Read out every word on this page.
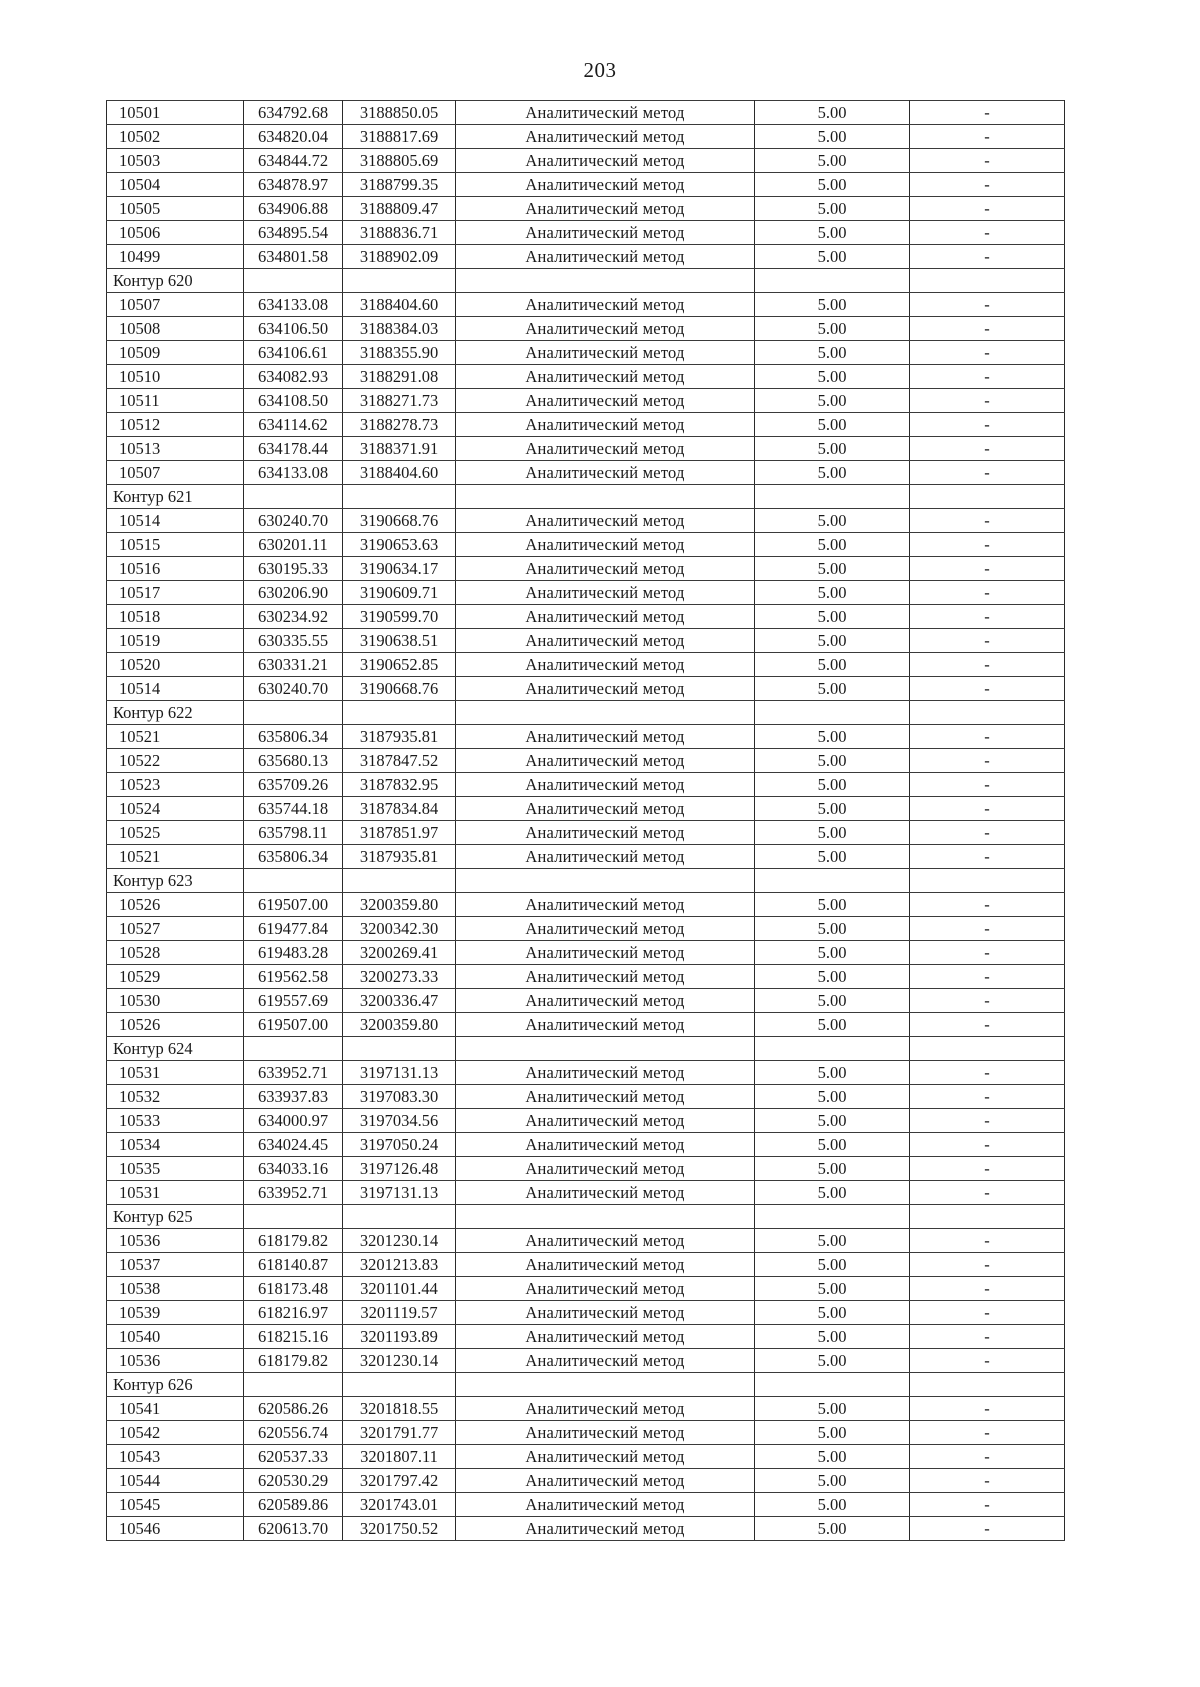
203
10501	634792.68	3188850.05	Аналитический метод	5.00	-
10502	634820.04	3188817.69	Аналитический метод	5.00	-
10503	634844.72	3188805.69	Аналитический метод	5.00	-
10504	634878.97	3188799.35	Аналитический метод	5.00	-
10505	634906.88	3188809.47	Аналитический метод	5.00	-
10506	634895.54	3188836.71	Аналитический метод	5.00	-
10499	634801.58	3188902.09	Аналитический метод	5.00	-
Контур 620					
10507	634133.08	3188404.60	Аналитический метод	5.00	-
10508	634106.50	3188384.03	Аналитический метод	5.00	-
10509	634106.61	3188355.90	Аналитический метод	5.00	-
10510	634082.93	3188291.08	Аналитический метод	5.00	-
10511	634108.50	3188271.73	Аналитический метод	5.00	-
10512	634114.62	3188278.73	Аналитический метод	5.00	-
10513	634178.44	3188371.91	Аналитический метод	5.00	-
10507	634133.08	3188404.60	Аналитический метод	5.00	-
Контур 621					
10514	630240.70	3190668.76	Аналитический метод	5.00	-
10515	630201.11	3190653.63	Аналитический метод	5.00	-
10516	630195.33	3190634.17	Аналитический метод	5.00	-
10517	630206.90	3190609.71	Аналитический метод	5.00	-
10518	630234.92	3190599.70	Аналитический метод	5.00	-
10519	630335.55	3190638.51	Аналитический метод	5.00	-
10520	630331.21	3190652.85	Аналитический метод	5.00	-
10514	630240.70	3190668.76	Аналитический метод	5.00	-
Контур 622					
10521	635806.34	3187935.81	Аналитический метод	5.00	-
10522	635680.13	3187847.52	Аналитический метод	5.00	-
10523	635709.26	3187832.95	Аналитический метод	5.00	-
10524	635744.18	3187834.84	Аналитический метод	5.00	-
10525	635798.11	3187851.97	Аналитический метод	5.00	-
10521	635806.34	3187935.81	Аналитический метод	5.00	-
Контур 623					
10526	619507.00	3200359.80	Аналитический метод	5.00	-
10527	619477.84	3200342.30	Аналитический метод	5.00	-
10528	619483.28	3200269.41	Аналитический метод	5.00	-
10529	619562.58	3200273.33	Аналитический метод	5.00	-
10530	619557.69	3200336.47	Аналитический метод	5.00	-
10526	619507.00	3200359.80	Аналитический метод	5.00	-
Контур 624					
10531	633952.71	3197131.13	Аналитический метод	5.00	-
10532	633937.83	3197083.30	Аналитический метод	5.00	-
10533	634000.97	3197034.56	Аналитический метод	5.00	-
10534	634024.45	3197050.24	Аналитический метод	5.00	-
10535	634033.16	3197126.48	Аналитический метод	5.00	-
10531	633952.71	3197131.13	Аналитический метод	5.00	-
Контур 625					
10536	618179.82	3201230.14	Аналитический метод	5.00	-
10537	618140.87	3201213.83	Аналитический метод	5.00	-
10538	618173.48	3201101.44	Аналитический метод	5.00	-
10539	618216.97	3201119.57	Аналитический метод	5.00	-
10540	618215.16	3201193.89	Аналитический метод	5.00	-
10536	618179.82	3201230.14	Аналитический метод	5.00	-
Контур 626					
10541	620586.26	3201818.55	Аналитический метод	5.00	-
10542	620556.74	3201791.77	Аналитический метод	5.00	-
10543	620537.33	3201807.11	Аналитический метод	5.00	-
10544	620530.29	3201797.42	Аналитический метод	5.00	-
10545	620589.86	3201743.01	Аналитический метод	5.00	-
10546	620613.70	3201750.52	Аналитический метод	5.00	-
